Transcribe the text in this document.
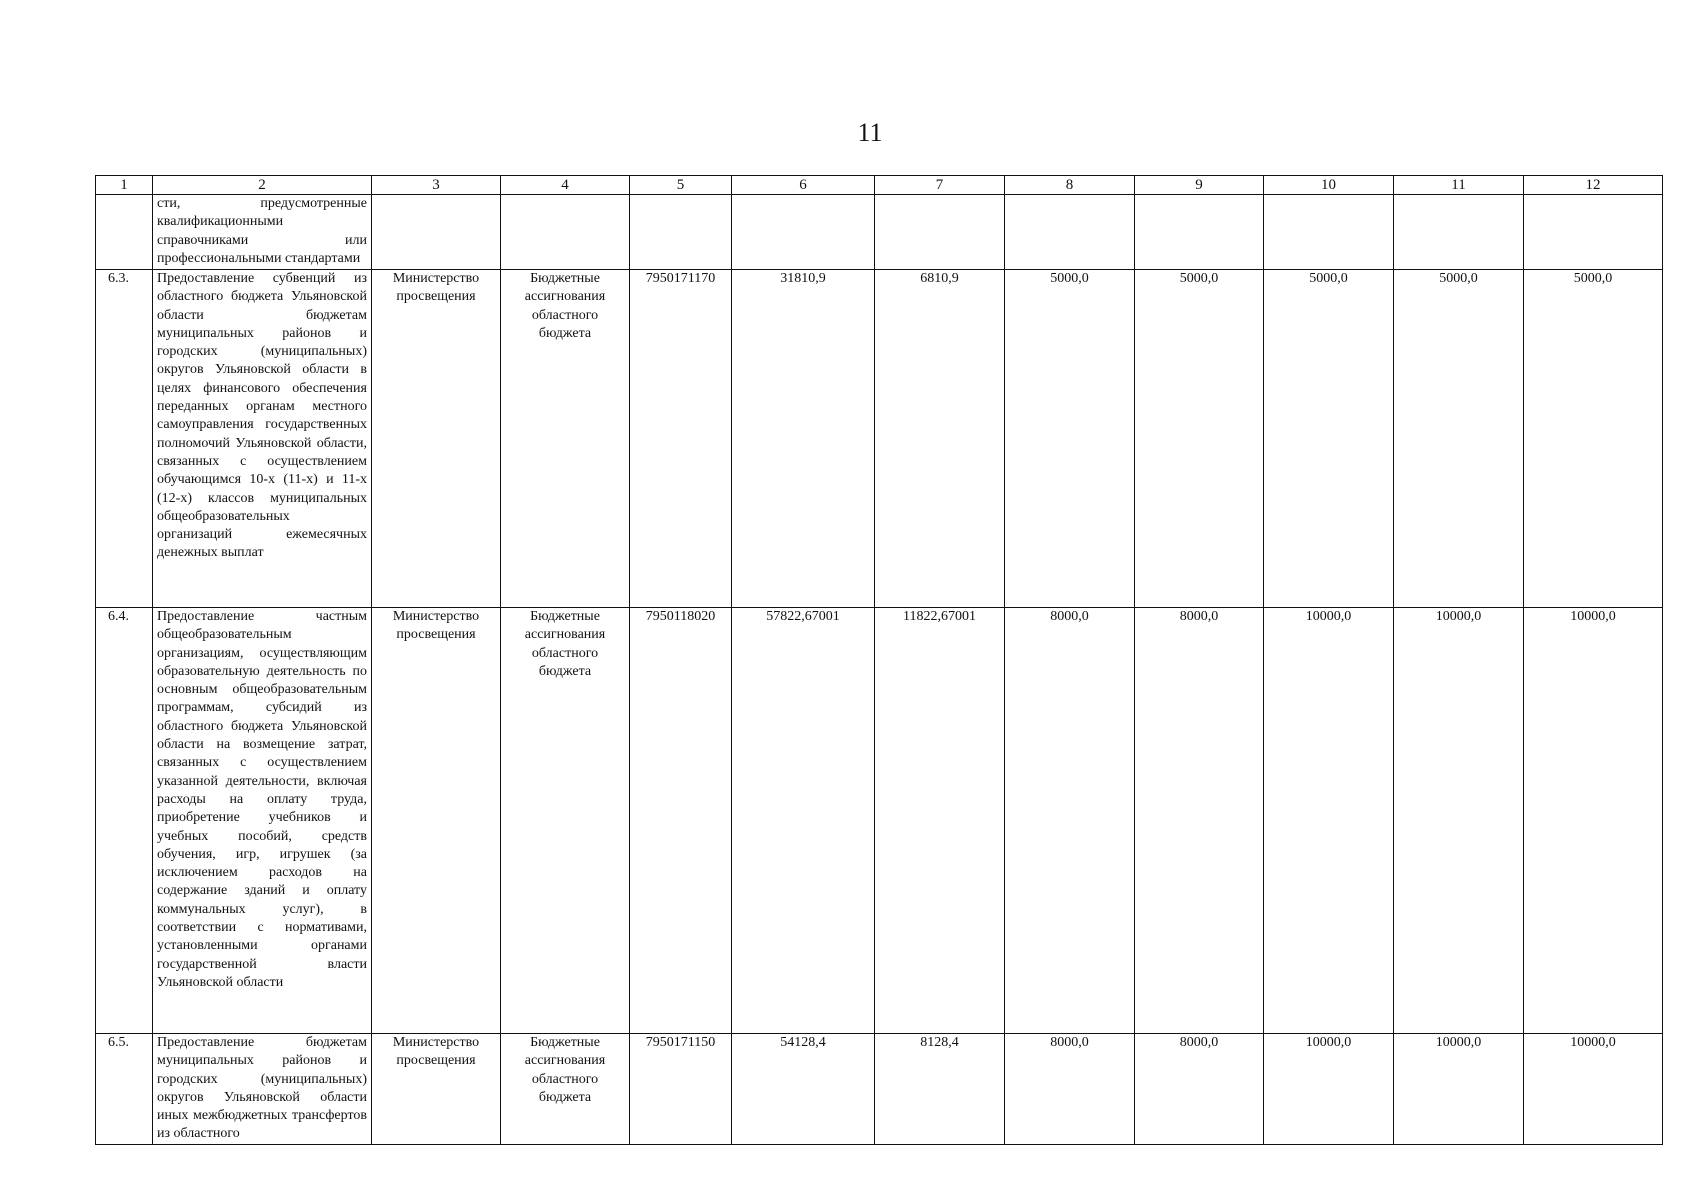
11
1	2	3	4	5	6	7	8	9	10	11	12
	сти, предусмотренные квалификационными справочниками или профессиональными стандартами										
6.3.	Предоставление субвенций из областного бюджета Ульяновской области бюджетам муниципальных районов и городских (муниципальных) округов Ульяновской области в целях финансового обеспечения переданных органам местного самоуправления государственных полномочий Ульяновской области, связанных с осуществлением обучающимся 10-х (11-х) и 11-х (12-х) классов муниципальных общеобразовательных организаций ежемесячных денежных выплат	Министерство просвещения	Бюджетные ассигнования областного бюджета	7950171170	31810,9	6810,9	5000,0	5000,0	5000,0	5000,0	5000,0
6.4.	Предоставление частным общеобразовательным организациям, осуществляющим образовательную деятельность по основным общеобразовательным программам, субсидий из областного бюджета Ульяновской области на возмещение затрат, связанных с осуществлением указанной деятельности, включая расходы на оплату труда, приобретение учебников и учебных пособий, средств обучения, игр, игрушек (за исключением расходов на содержание зданий и оплату коммунальных услуг), в соответствии с нормативами, установленными органами государственной власти Ульяновской области	Министерство просвещения	Бюджетные ассигнования областного бюджета	7950118020	57822,67001	11822,67001	8000,0	8000,0	10000,0	10000,0	10000,0
6.5.	Предоставление бюджетам муниципальных районов и городских (муниципальных) округов Ульяновской области иных межбюджетных трансфертов из областного	Министерство просвещения	Бюджетные ассигнования областного бюджета	7950171150	54128,4	8128,4	8000,0	8000,0	10000,0	10000,0	10000,0
